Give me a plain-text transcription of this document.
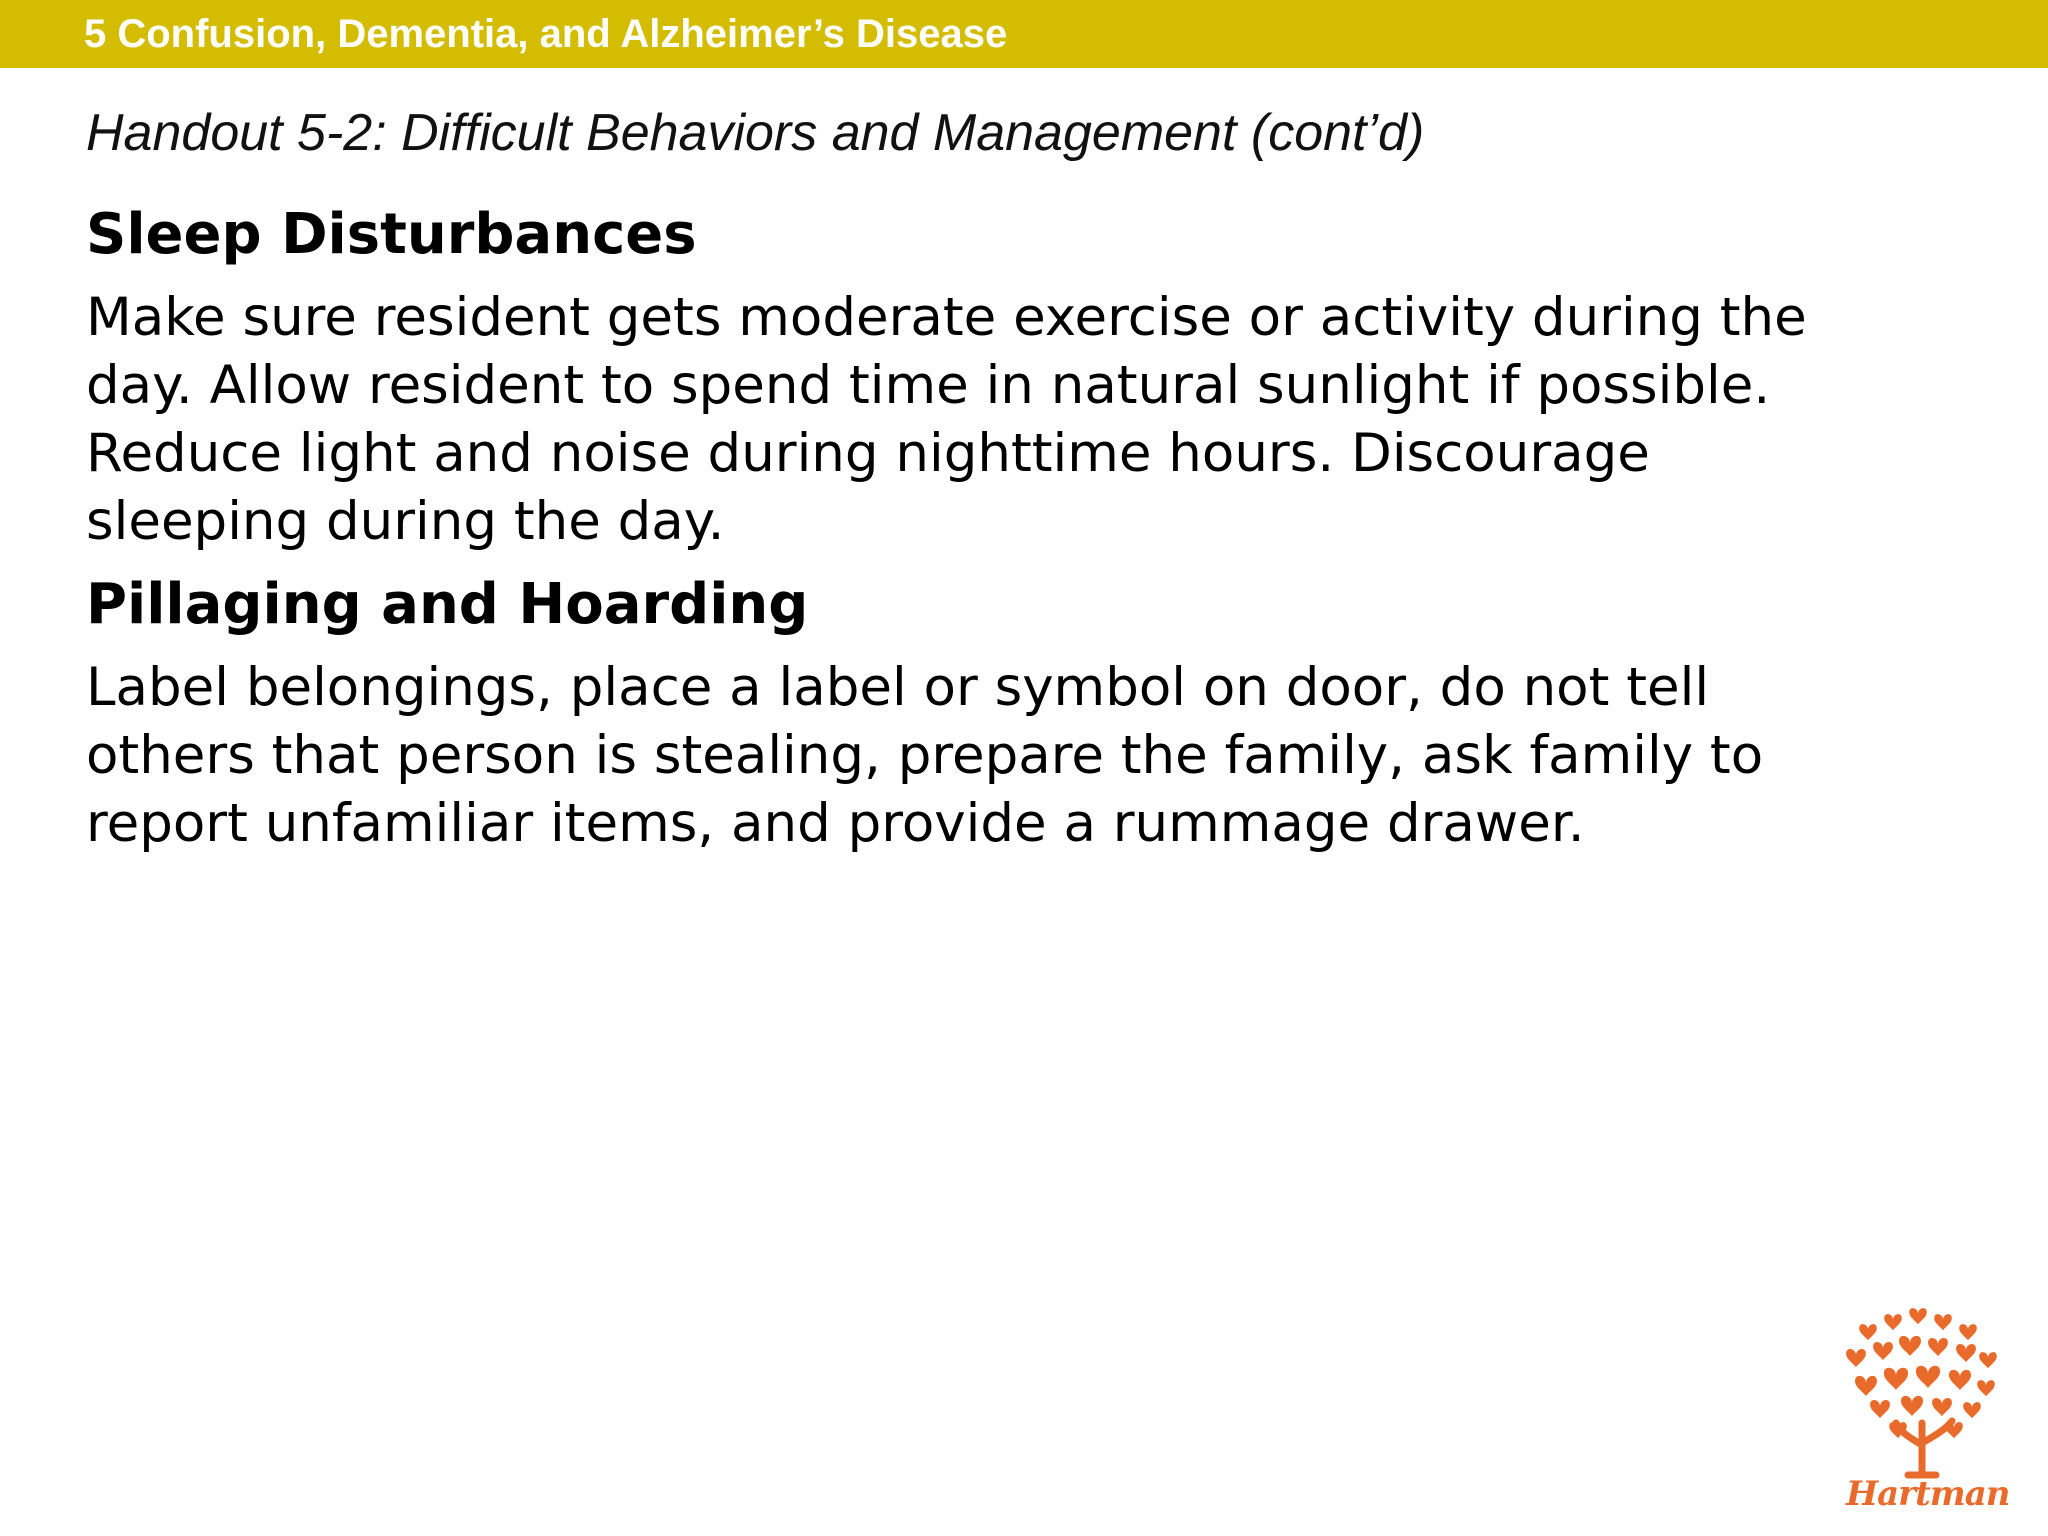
5 Confusion, Dementia, and Alzheimer’s Disease
Handout 5-2: Difficult Behaviors and Management (cont’d)
Sleep Disturbances
Make sure resident gets moderate exercise or activity during the
day. Allow resident to spend time in natural sunlight if possible.
Reduce light and noise during nighttime hours. Discourage
sleeping during the day.
Pillaging and Hoarding
Label belongings, place a label or symbol on door, do not tell
others that person is stealing, prepare the family, ask family to
report unfamiliar items, and provide a rummage drawer.
Hartman
